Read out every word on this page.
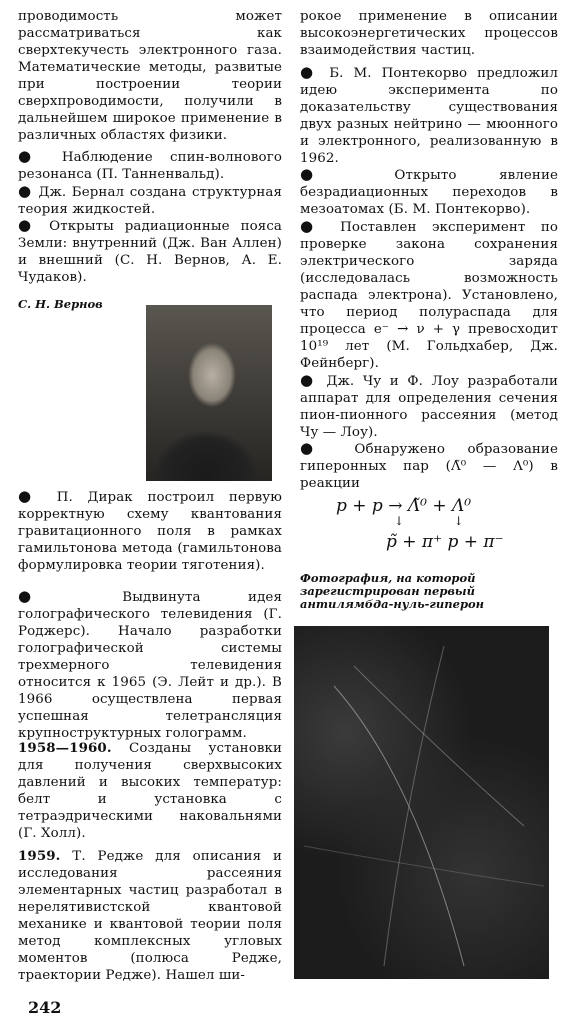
проводимость может рассматриваться как сверхтекучесть электронного газа. Математические методы, развитые при построении теории сверхпроводимости, получили в дальнейшем широкое применение в различных областях физики.

● Наблюдение спин-волнового резонанса (П. Танненвальд).

● Дж. Бернал создана структурная теория жидкостей.

● Открыты радиационные пояса Земли: внутренний (Дж. Ван Аллен) и внешний (С. Н. Вернов, А. Е. Чудаков).

С. Н. Вернов

● П. Дирак построил первую корректную схему квантования гравитационного поля в рамках гамильтонова метода (гамильтонова формулировка теории тяготения).

● Выдвинута идея голографического телевидения (Г. Роджерс). Начало разработки голографической системы трехмерного телевидения относится к 1965 (Э. Лейт и др.). В 1966 осуществлена первая успешная телетрансляция крупноструктурных голограмм.

1958—1960. Созданы установки для получения сверхвысоких давлений и высоких температур: белт и установка с тетраэдрическими наковальнями (Г. Холл).

1959. Т. Редже для описания и исследования рассеяния элементарных частиц разработал в нерелятивистской квантовой механике и квантовой теории поля метод комплексных угловых моментов (полюса Редже, траектории Редже). Нашел ши-

рокое применение в описании высокоэнергетических процессов взаимодействия частиц.

● Б. М. Понтекорво предложил идею эксперимента по доказательству существования двух разных нейтрино — мюонного и электронного, реализованную в 1962.

● Открыто явление безрадиационных переходов в мезоатомах (Б. М. Понтекорво).

● Поставлен эксперимент по проверке закона сохранения электрического заряда (исследовалась возможность распада электрона). Установлено, что период полураспада для процесса e⁻ → ν + γ превосходит 10¹⁹ лет (М. Гольдхабер, Дж. Фейнберг).

● Дж. Чу и Ф. Лоу разработали аппарат для определения сечения пион-пионного рассеяния (метод Чу — Лоу).

● Обнаружено образование гиперонных пар (Λ̃⁰ — Λ⁰) в реакции

p + p → Λ̃⁰ + Λ⁰
↓             ↓
p̃ + π⁺ p + π⁻

Фотография, на которой зарегистрирован первый антилямбда-нуль-гиперон

242
